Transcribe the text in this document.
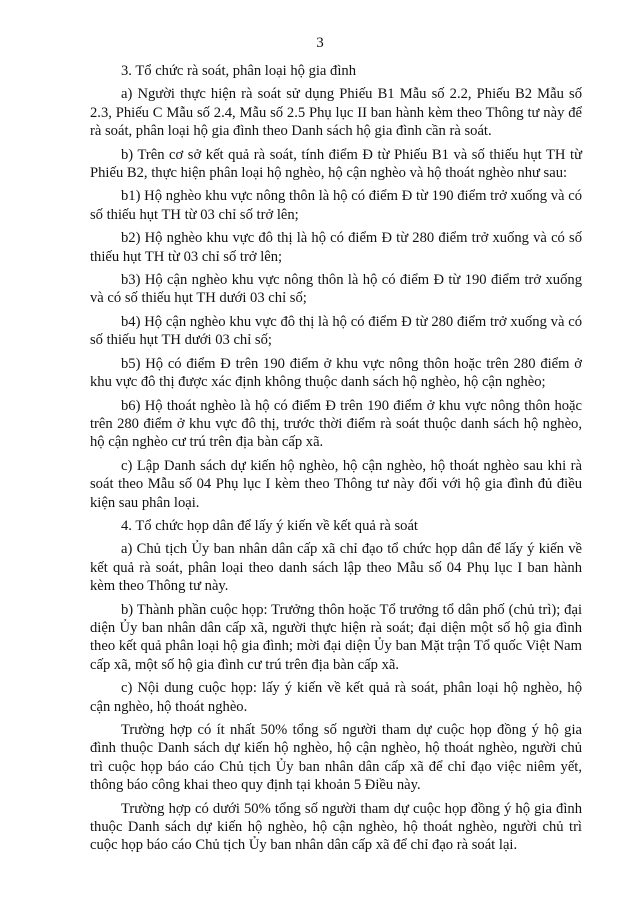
3

3. Tổ chức rà soát, phân loại hộ gia đình

a) Người thực hiện rà soát sử dụng Phiếu B1 Mẫu số 2.2, Phiếu B2 Mẫu số 2.3, Phiếu C Mẫu số 2.4, Mẫu số 2.5 Phụ lục II ban hành kèm theo Thông tư này để rà soát, phân loại hộ gia đình theo Danh sách hộ gia đình cần rà soát.

b) Trên cơ sở kết quả rà soát, tính điểm Đ từ Phiếu B1 và số thiếu hụt TH từ Phiếu B2, thực hiện phân loại hộ nghèo, hộ cận nghèo và hộ thoát nghèo như sau:

b1) Hộ nghèo khu vực nông thôn là hộ có điểm Đ từ 190 điểm trở xuống và có số thiếu hụt TH từ 03 chỉ số trở lên;

b2) Hộ nghèo khu vực đô thị là hộ có điểm Đ từ 280 điểm trở xuống và có số thiếu hụt TH từ 03 chỉ số trở lên;

b3) Hộ cận nghèo khu vực nông thôn là hộ có điểm Đ từ 190 điểm trở xuống và có số thiếu hụt TH dưới 03 chỉ số;

b4) Hộ cận nghèo khu vực đô thị là hộ có điểm Đ từ 280 điểm trở xuống và có số thiếu hụt TH dưới 03 chỉ số;

b5) Hộ có điểm Đ trên 190 điểm ở khu vực nông thôn hoặc trên 280 điểm ở khu vực đô thị được xác định không thuộc danh sách hộ nghèo, hộ cận nghèo;

b6) Hộ thoát nghèo là hộ có điểm Đ trên 190 điểm ở khu vực nông thôn hoặc trên 280 điểm ở khu vực đô thị, trước thời điểm rà soát thuộc danh sách hộ nghèo, hộ cận nghèo cư trú trên địa bàn cấp xã.

c) Lập Danh sách dự kiến hộ nghèo, hộ cận nghèo, hộ thoát nghèo sau khi rà soát theo Mẫu số 04 Phụ lục I kèm theo Thông tư này đối với hộ gia đình đủ điều kiện sau phân loại.

4. Tổ chức họp dân để lấy ý kiến về kết quả rà soát

a) Chủ tịch Ủy ban nhân dân cấp xã chỉ đạo tổ chức họp dân để lấy ý kiến về kết quả rà soát, phân loại theo danh sách lập theo Mẫu số 04 Phụ lục I ban hành kèm theo Thông tư này.

b) Thành phần cuộc họp: Trưởng thôn hoặc Tổ trưởng tổ dân phố (chủ trì); đại diện Ủy ban nhân dân cấp xã, người thực hiện rà soát; đại diện một số hộ gia đình theo kết quả phân loại hộ gia đình; mời đại diện Ủy ban Mặt trận Tổ quốc Việt Nam cấp xã, một số hộ gia đình cư trú trên địa bàn cấp xã.

c) Nội dung cuộc họp: lấy ý kiến về kết quả rà soát, phân loại hộ nghèo, hộ cận nghèo, hộ thoát nghèo.

Trường hợp có ít nhất 50% tổng số người tham dự cuộc họp đồng ý hộ gia đình thuộc Danh sách dự kiến hộ nghèo, hộ cận nghèo, hộ thoát nghèo, người chủ trì cuộc họp báo cáo Chủ tịch Ủy ban nhân dân cấp xã để chỉ đạo việc niêm yết, thông báo công khai theo quy định tại khoản 5 Điều này.

Trường hợp có dưới 50% tổng số người tham dự cuộc họp đồng ý hộ gia đình thuộc Danh sách dự kiến hộ nghèo, hộ cận nghèo, hộ thoát nghèo, người chủ trì cuộc họp báo cáo Chủ tịch Ủy ban nhân dân cấp xã để chỉ đạo rà soát lại.
